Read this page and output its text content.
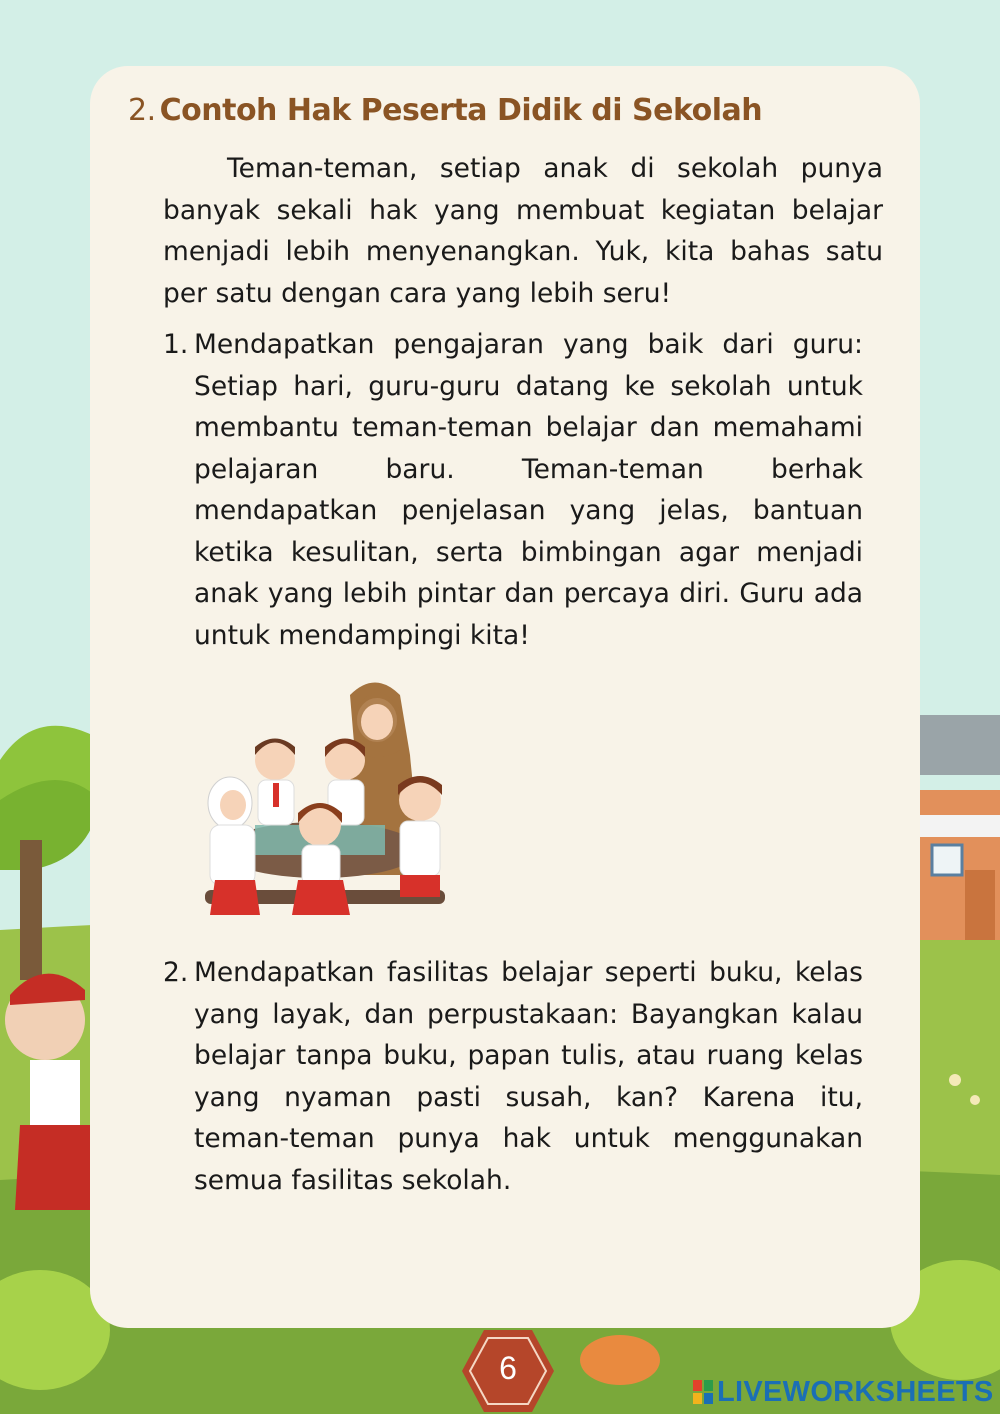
2. Contoh Hak Peserta Didik di Sekolah

Teman-teman, setiap anak di sekolah punya banyak sekali hak yang membuat kegiatan belajar menjadi lebih menyenangkan. Yuk, kita bahas satu per satu dengan cara yang lebih seru!

1. Mendapatkan pengajaran yang baik dari guru: Setiap hari, guru-guru datang ke sekolah untuk membantu teman-teman belajar dan memahami pelajaran baru. Teman-teman berhak mendapatkan penjelasan yang jelas, bantuan ketika kesulitan, serta bimbingan agar menjadi anak yang lebih pintar dan percaya diri. Guru ada untuk mendampingi kita!
2. Mendapatkan fasilitas belajar seperti buku, kelas yang layak, dan perpustakaan: Bayangkan kalau belajar tanpa buku, papan tulis, atau ruang kelas yang nyaman pasti susah, kan? Karena itu, teman-teman punya hak untuk menggunakan semua fasilitas sekolah.
6
LIVEWORKSHEETS
